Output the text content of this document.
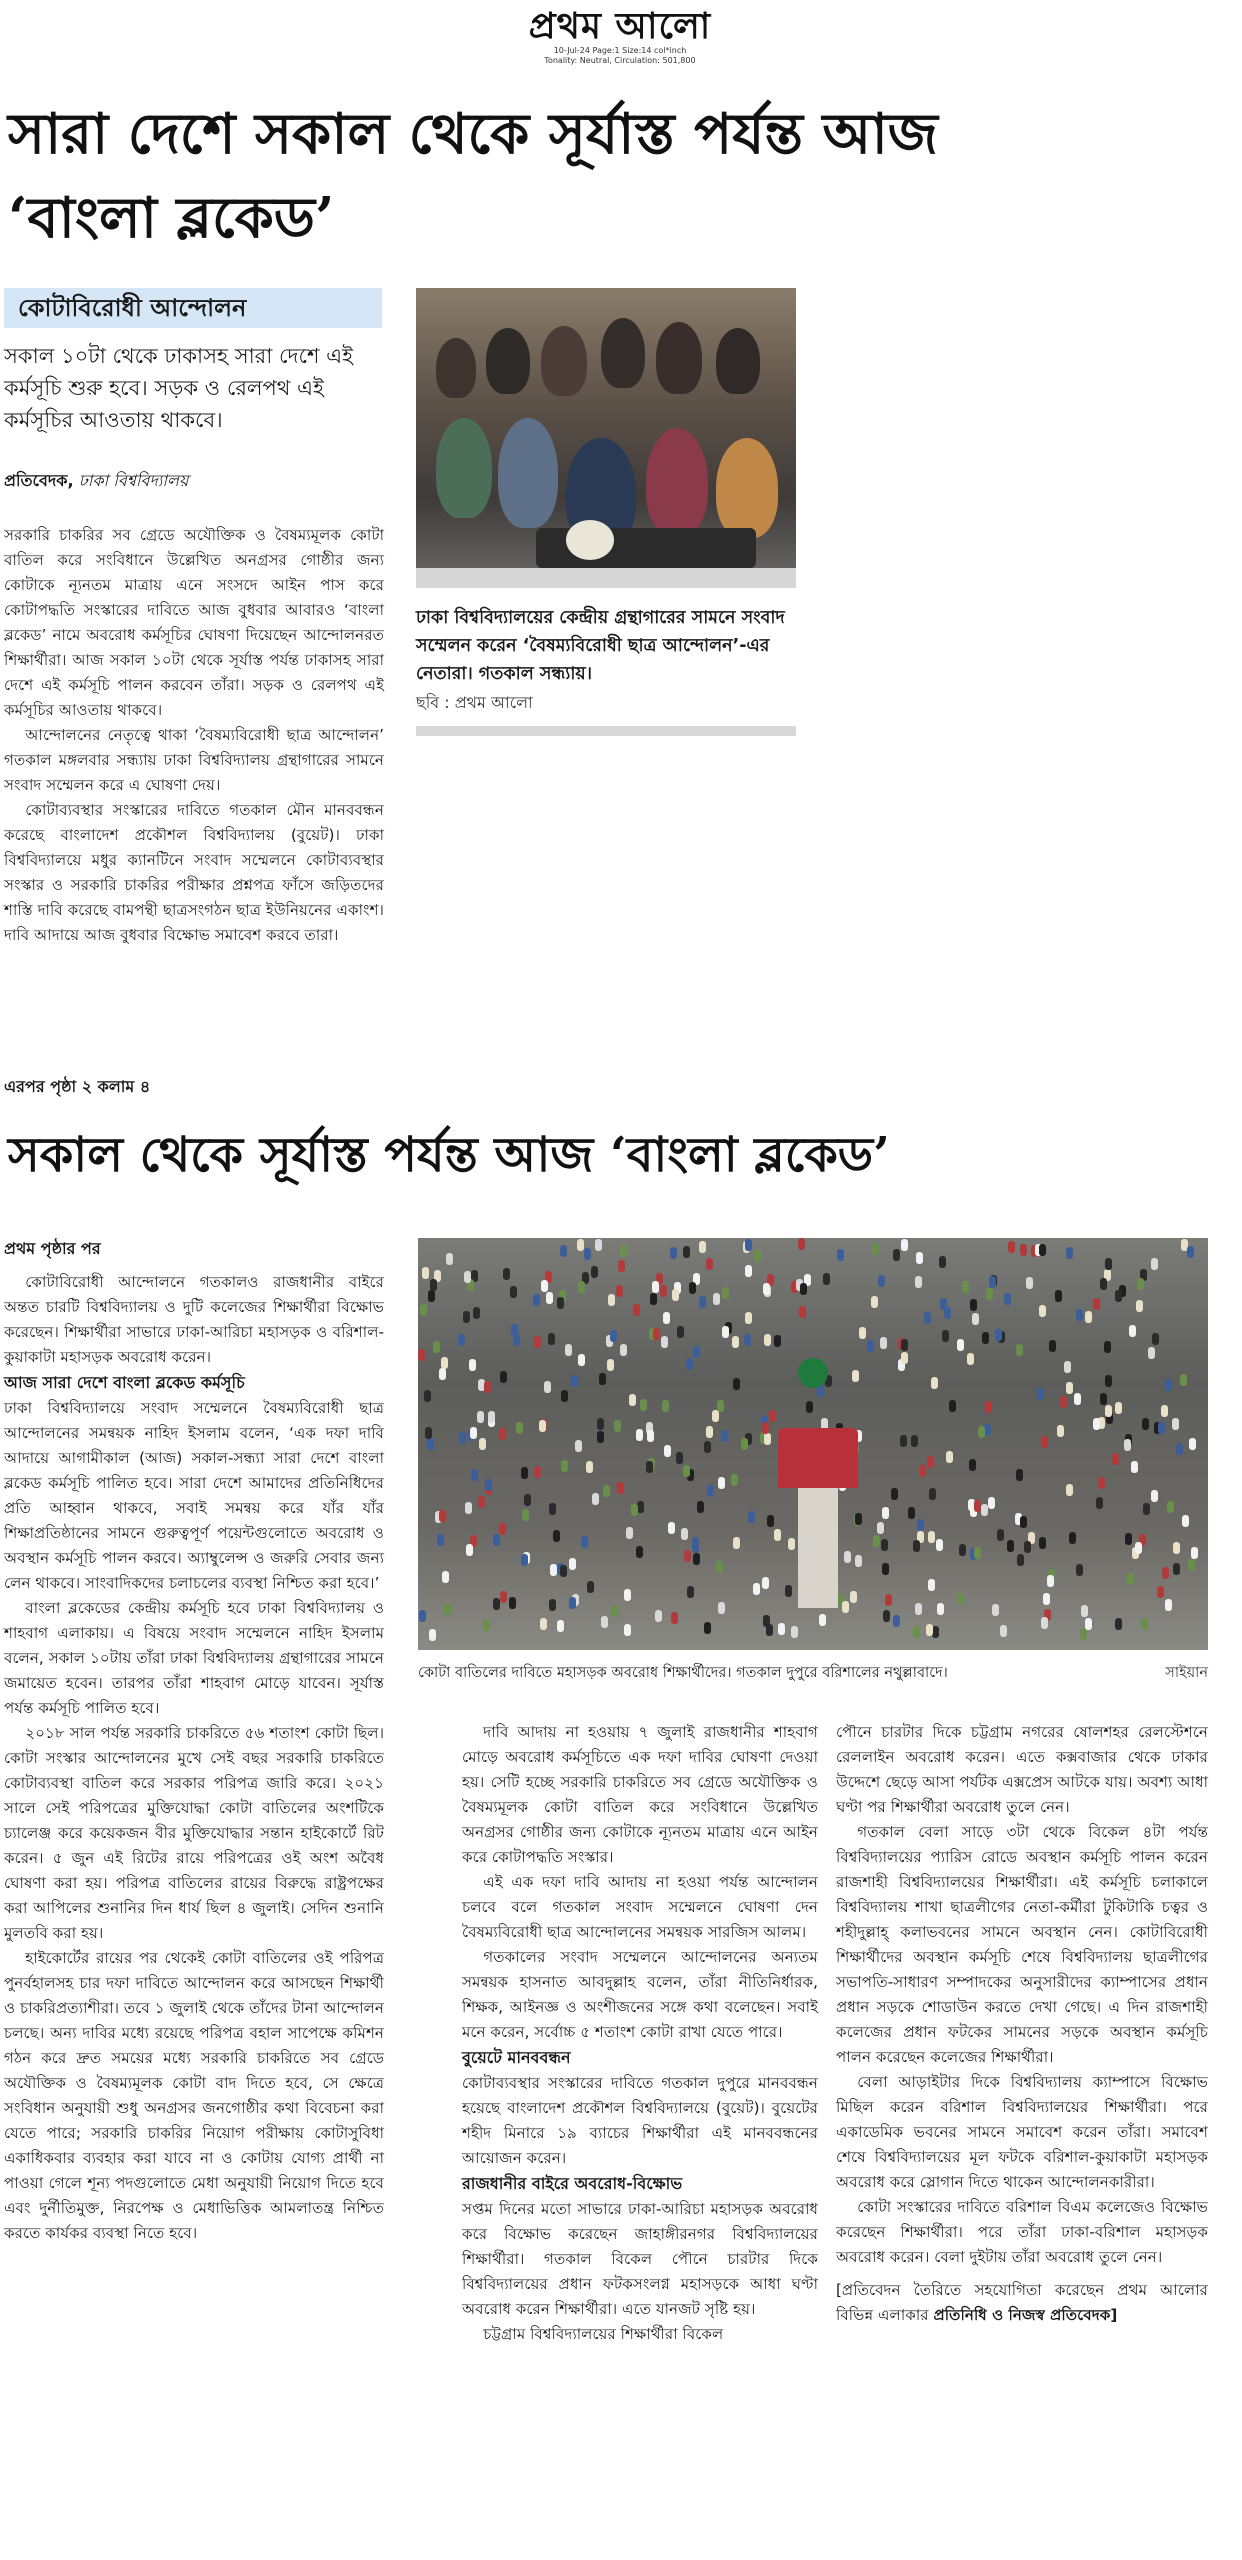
প্রথম আলো
10-Jul-24 Page:1 Size:14 col*inch
Tonality: Neutral, Circulation: 501,800
সারা দেশে সকাল থেকে সূর্যাস্ত পর্যন্ত আজ ‘বাংলা ব্লকেড’
কোটাবিরোধী আন্দোলন
সকাল ১০টা থেকে ঢাকাসহ সারা দেশে এই কর্মসূচি শুরু হবে। সড়ক ও রেলপথ এই কর্মসূচির আওতায় থাকবে।
প্রতিবেদক, ঢাকা বিশ্ববিদ্যালয়

সরকারি চাকরির সব গ্রেডে অযৌক্তিক ও বৈষম্যমূলক কোটা বাতিল করে সংবিধানে উল্লেখিত অনগ্রসর গোষ্ঠীর জন্য কোটাকে ন্যূনতম মাত্রায় এনে সংসদে আইন পাস করে কোটাপদ্ধতি সংস্কারের দাবিতে আজ বুধবার আবারও ‘বাংলা ব্লকেড’ নামে অবরোধ কর্মসূচির ঘোষণা দিয়েছেন আন্দোলনরত শিক্ষার্থীরা। আজ সকাল ১০টা থেকে সূর্যাস্ত পর্যন্ত ঢাকাসহ সারা দেশে এই কর্মসূচি পালন করবেন তাঁরা। সড়ক ও রেলপথ এই কর্মসূচির আওতায় থাকবে।

আন্দোলনের নেতৃত্বে থাকা ‘বৈষম্যবিরোধী ছাত্র আন্দোলন’ গতকাল মঙ্গলবার সন্ধ্যায় ঢাকা বিশ্ববিদ্যালয় গ্রন্থাগারের সামনে সংবাদ সম্মেলন করে এ ঘোষণা দেয়।

কোটাব্যবস্থার সংস্কারের দাবিতে গতকাল মৌন মানববন্ধন করেছে বাংলাদেশ প্রকৌশল বিশ্ববিদ্যালয় (বুয়েট)। ঢাকা বিশ্ববিদ্যালয়ে মধুর ক্যানটিনে সংবাদ সম্মেলনে কোটাব্যবস্থার সংস্কার ও সরকারি চাকরির পরীক্ষার প্রশ্নপত্র ফাঁসে জড়িতদের শাস্তি দাবি করেছে বামপন্থী ছাত্রসংগঠন ছাত্র ইউনিয়নের একাংশ। দাবি আদায়ে আজ বুধবার বিক্ষোভ সমাবেশ করবে তারা।

এরপর পৃষ্ঠা ২ কলাম ৪
ঢাকা বিশ্ববিদ্যালয়ের কেন্দ্রীয় গ্রন্থাগারের সামনে সংবাদ সম্মেলন করেন ‘বৈষম্যবিরোধী ছাত্র আন্দোলন’-এর নেতারা। গতকাল সন্ধ্যায়।
ছবি : প্রথম আলো
সকাল থেকে সূর্যাস্ত পর্যন্ত আজ ‘বাংলা ব্লকেড’
প্রথম পৃষ্ঠার পর

কোটাবিরোধী আন্দোলনে গতকালও রাজধানীর বাইরে অন্তত চারটি বিশ্ববিদ্যালয় ও দুটি কলেজের শিক্ষার্থীরা বিক্ষোভ করেছেন। শিক্ষার্থীরা সাভারে ঢাকা-আরিচা মহাসড়ক ও বরিশাল-কুয়াকাটা মহাসড়ক অবরোধ করেন।

আজ সারা দেশে বাংলা ব্লকেড কর্মসূচি

ঢাকা বিশ্ববিদ্যালয়ে সংবাদ সম্মেলনে বৈষম্যবিরোধী ছাত্র আন্দোলনের সমন্বয়ক নাহিদ ইসলাম বলেন, ‘এক দফা দাবি আদায়ে আগামীকাল (আজ) সকাল-সন্ধ্যা সারা দেশে বাংলা ব্লকেড কর্মসূচি পালিত হবে। সারা দেশে আমাদের প্রতিনিধিদের প্রতি আহ্বান থাকবে, সবাই সমন্বয় করে যাঁর যাঁর শিক্ষাপ্রতিষ্ঠানের সামনে গুরুত্বপূর্ণ পয়েন্টগুলোতে অবরোধ ও অবস্থান কর্মসূচি পালন করবে। অ্যাম্বুলেন্স ও জরুরি সেবার জন্য লেন থাকবে। সাংবাদিকদের চলাচলের ব্যবস্থা নিশ্চিত করা হবে।’

বাংলা ব্লকেডের কেন্দ্রীয় কর্মসূচি হবে ঢাকা বিশ্ববিদ্যালয় ও শাহবাগ এলাকায়। এ বিষয়ে সংবাদ সম্মেলনে নাহিদ ইসলাম বলেন, সকাল ১০টায় তাঁরা ঢাকা বিশ্ববিদ্যালয় গ্রন্থাগারের সামনে জমায়েত হবেন। তারপর তাঁরা শাহবাগ মোড়ে যাবেন। সূর্যাস্ত পর্যন্ত কর্মসূচি পালিত হবে।

২০১৮ সাল পর্যন্ত সরকারি চাকরিতে ৫৬ শতাংশ কোটা ছিল। কোটা সংস্কার আন্দোলনের মুখে সেই বছর সরকারি চাকরিতে কোটাব্যবস্থা বাতিল করে সরকার পরিপত্র জারি করে। ২০২১ সালে সেই পরিপত্রের মুক্তিযোদ্ধা কোটা বাতিলের অংশটিকে চ্যালেঞ্জ করে কয়েকজন বীর মুক্তিযোদ্ধার সন্তান হাইকোর্টে রিট করেন। ৫ জুন এই রিটের রায়ে পরিপত্রের ওই অংশ অবৈধ ঘোষণা করা হয়। পরিপত্র বাতিলের রায়ের বিরুদ্ধে রাষ্ট্রপক্ষের করা আপিলের শুনানির দিন ধার্য ছিল ৪ জুলাই। সেদিন শুনানি মুলতবি করা হয়।

হাইকোর্টের রায়ের পর থেকেই কোটা বাতিলের ওই পরিপত্র পুনর্বহালসহ চার দফা দাবিতে আন্দোলন করে আসছেন শিক্ষার্থী ও চাকরিপ্রত্যাশীরা। তবে ১ জুলাই থেকে তাঁদের টানা আন্দোলন চলছে। অন্য দাবির মধ্যে রয়েছে পরিপত্র বহাল সাপেক্ষে কমিশন গঠন করে দ্রুত সময়ের মধ্যে সরকারি চাকরিতে সব গ্রেডে অযৌক্তিক ও বৈষম্যমূলক কোটা বাদ দিতে হবে, সে ক্ষেত্রে সংবিধান অনুযায়ী শুধু অনগ্রসর জনগোষ্ঠীর কথা বিবেচনা করা যেতে পারে; সরকারি চাকরির নিয়োগ পরীক্ষায় কোটাসুবিধা একাধিকবার ব্যবহার করা যাবে না ও কোটায় যোগ্য প্রার্থী না পাওয়া গেলে শূন্য পদগুলোতে মেধা অনুযায়ী নিয়োগ দিতে হবে এবং দুর্নীতিমুক্ত, নিরপেক্ষ ও মেধাভিত্তিক আমলাতন্ত্র নিশ্চিত করতে কার্যকর ব্যবস্থা নিতে হবে।

কোটা বাতিলের দাবিতে মহাসড়ক অবরোধ শিক্ষার্থীদের। গতকাল দুপুরে বরিশালের নথুল্লাবাদে।	সাইয়ান

দাবি আদায় না হওয়ায় ৭ জুলাই রাজধানীর শাহবাগ মোড়ে অবরোধ কর্মসূচিতে এক দফা দাবির ঘোষণা দেওয়া হয়। সেটি হচ্ছে সরকারি চাকরিতে সব গ্রেডে অযৌক্তিক ও বৈষম্যমূলক কোটা বাতিল করে সংবিধানে উল্লেখিত অনগ্রসর গোষ্ঠীর জন্য কোটাকে ন্যূনতম মাত্রায় এনে আইন করে কোটাপদ্ধতি সংস্কার।

এই এক দফা দাবি আদায় না হওয়া পর্যন্ত আন্দোলন চলবে বলে গতকাল সংবাদ সম্মেলনে ঘোষণা দেন বৈষম্যবিরোধী ছাত্র আন্দোলনের সমন্বয়ক সারজিস আলম।

গতকালের সংবাদ সম্মেলনে আন্দোলনের অন্যতম সমন্বয়ক হাসনাত আবদুল্লাহ বলেন, তাঁরা নীতিনির্ধারক, শিক্ষক, আইনজ্ঞ ও অংশীজনের সঙ্গে কথা বলেছেন। সবাই মনে করেন, সর্বোচ্চ ৫ শতাংশ কোটা রাখা যেতে পারে।

বুয়েটে মানববন্ধন

কোটাব্যবস্থার সংস্কারের দাবিতে গতকাল দুপুরে মানববন্ধন হয়েছে বাংলাদেশ প্রকৌশল বিশ্ববিদ্যালয়ে (বুয়েট)। বুয়েটের শহীদ মিনারে ১৯ ব্যাচের শিক্ষার্থীরা এই মানববন্ধনের আয়োজন করেন।

রাজধানীর বাইরে অবরোধ-বিক্ষোভ

সপ্তম দিনের মতো সাভারে ঢাকা-আরিচা মহাসড়ক অবরোধ করে বিক্ষোভ করেছেন জাহাঙ্গীরনগর বিশ্ববিদ্যালয়ের শিক্ষার্থীরা। গতকাল বিকেল পৌনে চারটার দিকে বিশ্ববিদ্যালয়ের প্রধান ফটকসংলগ্ন মহাসড়কে আধা ঘণ্টা অবরোধ করেন শিক্ষার্থীরা। এতে যানজট সৃষ্টি হয়।

চট্টগ্রাম বিশ্ববিদ্যালয়ের শিক্ষার্থীরা বিকেল

পৌনে চারটার দিকে চট্টগ্রাম নগরের ষোলশহর রেলস্টেশনে রেললাইন অবরোধ করেন। এতে কক্সবাজার থেকে ঢাকার উদ্দেশে ছেড়ে আসা পর্যটক এক্সপ্রেস আটকে যায়। অবশ্য আধা ঘণ্টা পর শিক্ষার্থীরা অবরোধ তুলে নেন।

গতকাল বেলা সাড়ে ৩টা থেকে বিকেল ৪টা পর্যন্ত বিশ্ববিদ্যালয়ের প্যারিস রোডে অবস্থান কর্মসূচি পালন করেন রাজশাহী বিশ্ববিদ্যালয়ের শিক্ষার্থীরা। এই কর্মসূচি চলাকালে বিশ্ববিদ্যালয় শাখা ছাত্রলীগের নেতা-কর্মীরা টুকিটাকি চত্বর ও শহীদুল্লাহ্ কলাভবনের সামনে অবস্থান নেন। কোটাবিরোধী শিক্ষার্থীদের অবস্থান কর্মসূচি শেষে বিশ্ববিদ্যালয় ছাত্রলীগের সভাপতি-সাধারণ সম্পাদকের অনুসারীদের ক্যাম্পাসের প্রধান প্রধান সড়কে শোডাউন করতে দেখা গেছে। এ দিন রাজশাহী কলেজের প্রধান ফটকের সামনের সড়কে অবস্থান কর্মসূচি পালন করেছেন কলেজের শিক্ষার্থীরা।

বেলা আড়াইটার দিকে বিশ্ববিদ্যালয় ক্যাম্পাসে বিক্ষোভ মিছিল করেন বরিশাল বিশ্ববিদ্যালয়ের শিক্ষার্থীরা। পরে একাডেমিক ভবনের সামনে সমাবেশ করেন তাঁরা। সমাবেশ শেষে বিশ্ববিদ্যালয়ের মূল ফটকে বরিশাল-কুয়াকাটা মহাসড়ক অবরোধ করে স্লোগান দিতে থাকেন আন্দোলনকারীরা।

কোটা সংস্কারের দাবিতে বরিশাল বিএম কলেজেও বিক্ষোভ করেছেন শিক্ষার্থীরা। পরে তাঁরা ঢাকা-বরিশাল মহাসড়ক অবরোধ করেন। বেলা দুইটায় তাঁরা অবরোধ তুলে নেন।

[প্রতিবেদন তৈরিতে সহযোগিতা করেছেন প্রথম আলোর বিভিন্ন এলাকার প্রতিনিধি ও নিজস্ব প্রতিবেদক]
